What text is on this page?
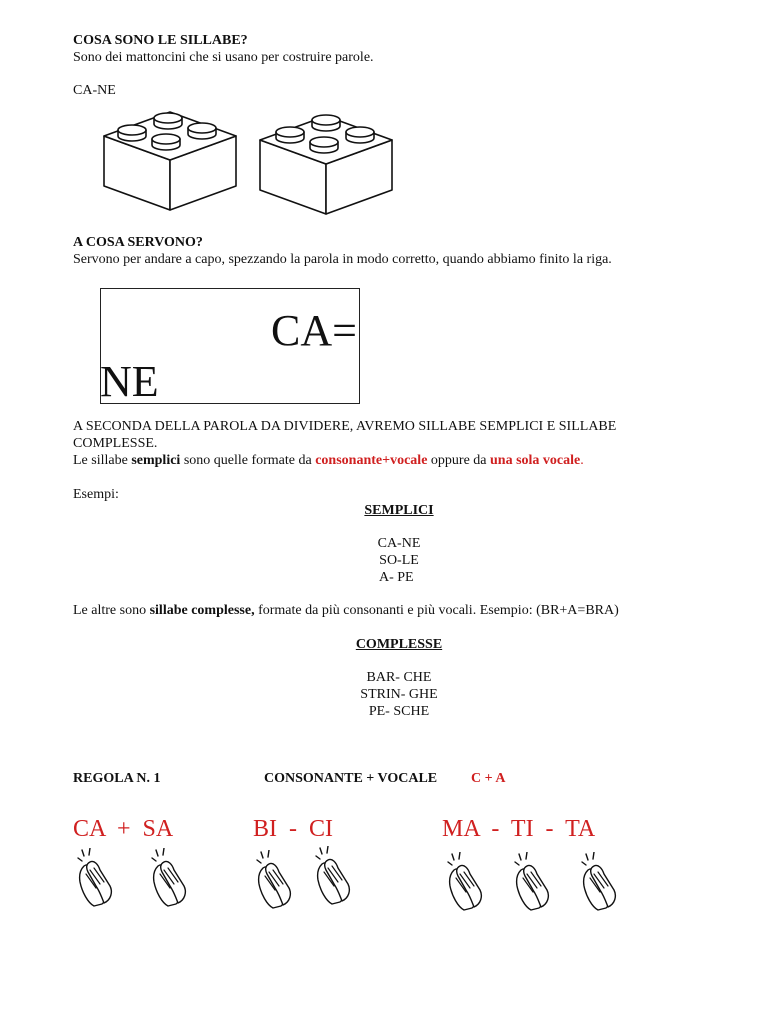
COSA SONO LE SILLABE?
Sono dei mattoncini che si usano per costruire parole.
CA-NE
A COSA SERVONO?
Servono per andare a capo, spezzando la parola in modo corretto, quando abbiamo finito la riga.
CA=
NE
A SECONDA DELLA PAROLA DA DIVIDERE, AVREMO SILLABE SEMPLICI E SILLABE
COMPLESSE.
Le sillabe semplici sono quelle formate da consonante+vocale oppure da una sola vocale.
Esempi:
SEMPLICI
CA-NE
SO-LE
A- PE
Le altre sono sillabe complesse, formate da più consonanti e più vocali. Esempio: (BR+A=BRA)
COMPLESSE
BAR- CHE
STRIN- GHE
PE- SCHE
REGOLA N. 1	CONSONANTE + VOCALE C + A
CA  +  SA	BI  -  CI	MA  -  TI  -  TA
